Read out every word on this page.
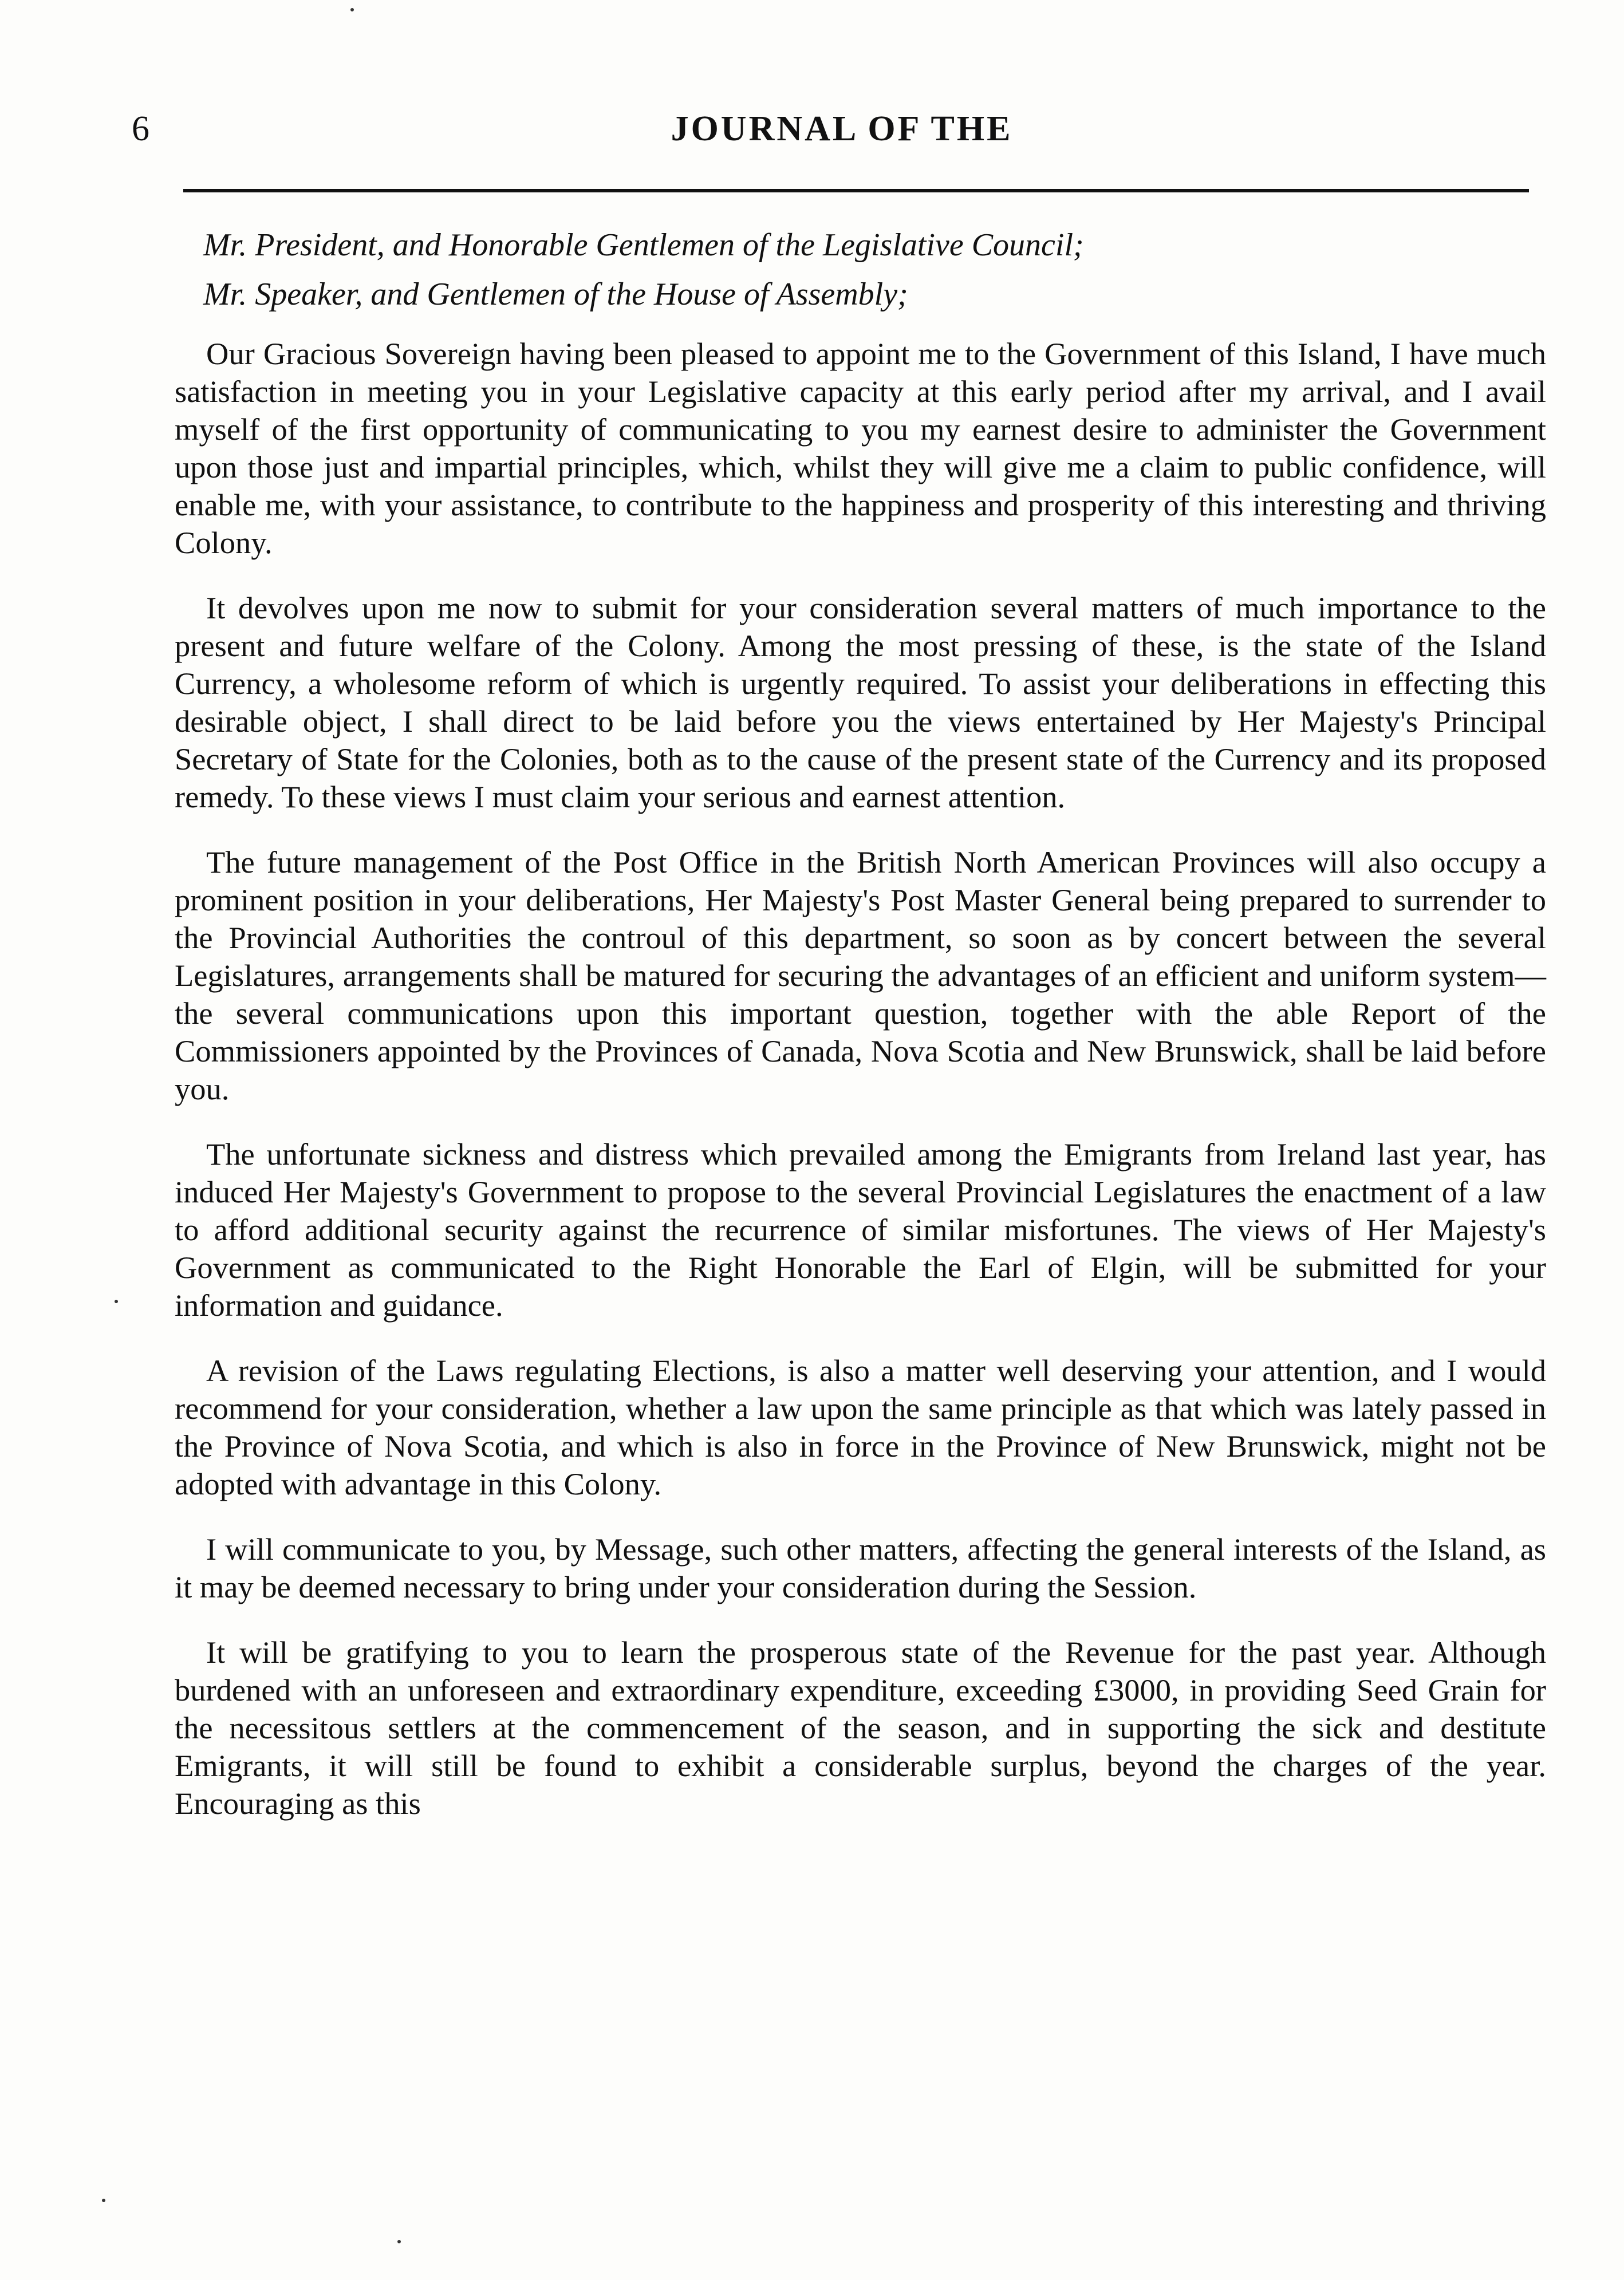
6	JOURNAL OF THE

Mr. President, and Honorable Gentlemen of the Legislative Council;

Mr. Speaker, and Gentlemen of the House of Assembly;

Our Gracious Sovereign having been pleased to appoint me to the Government of this Island, I have much satisfaction in meeting you in your Legislative capacity at this early period after my arrival, and I avail myself of the first opportunity of communicating to you my earnest desire to administer the Government upon those just and impartial principles, which, whilst they will give me a claim to public confidence, will enable me, with your assistance, to contribute to the happiness and prosperity of this interesting and thriving Colony.

It devolves upon me now to submit for your consideration several matters of much importance to the present and future welfare of the Colony. Among the most pressing of these, is the state of the Island Currency, a wholesome reform of which is urgently required. To assist your deliberations in effecting this desirable object, I shall direct to be laid before you the views entertained by Her Majesty's Principal Secretary of State for the Colonies, both as to the cause of the present state of the Currency and its proposed remedy. To these views I must claim your serious and earnest attention.

The future management of the Post Office in the British North American Provinces will also occupy a prominent position in your deliberations, Her Majesty's Post Master General being prepared to surrender to the Provincial Authorities the controul of this department, so soon as by concert between the several Legislatures, arrangements shall be matured for securing the advantages of an efficient and uniform system—the several communications upon this important question, together with the able Report of the Commissioners appointed by the Provinces of Canada, Nova Scotia and New Brunswick, shall be laid before you.

The unfortunate sickness and distress which prevailed among the Emigrants from Ireland last year, has induced Her Majesty's Government to propose to the several Provincial Legislatures the enactment of a law to afford additional security against the recurrence of similar misfortunes. The views of Her Majesty's Government as communicated to the Right Honorable the Earl of Elgin, will be submitted for your information and guidance.

A revision of the Laws regulating Elections, is also a matter well deserving your attention, and I would recommend for your consideration, whether a law upon the same principle as that which was lately passed in the Province of Nova Scotia, and which is also in force in the Province of New Brunswick, might not be adopted with advantage in this Colony.

I will communicate to you, by Message, such other matters, affecting the general interests of the Island, as it may be deemed necessary to bring under your consideration during the Session.

It will be gratifying to you to learn the prosperous state of the Revenue for the past year. Although burdened with an unforeseen and extraordinary expenditure, exceeding £3000, in providing Seed Grain for the necessitous settlers at the commencement of the season, and in supporting the sick and destitute Emigrants, it will still be found to exhibit a considerable surplus, beyond the charges of the year. Encouraging as this
